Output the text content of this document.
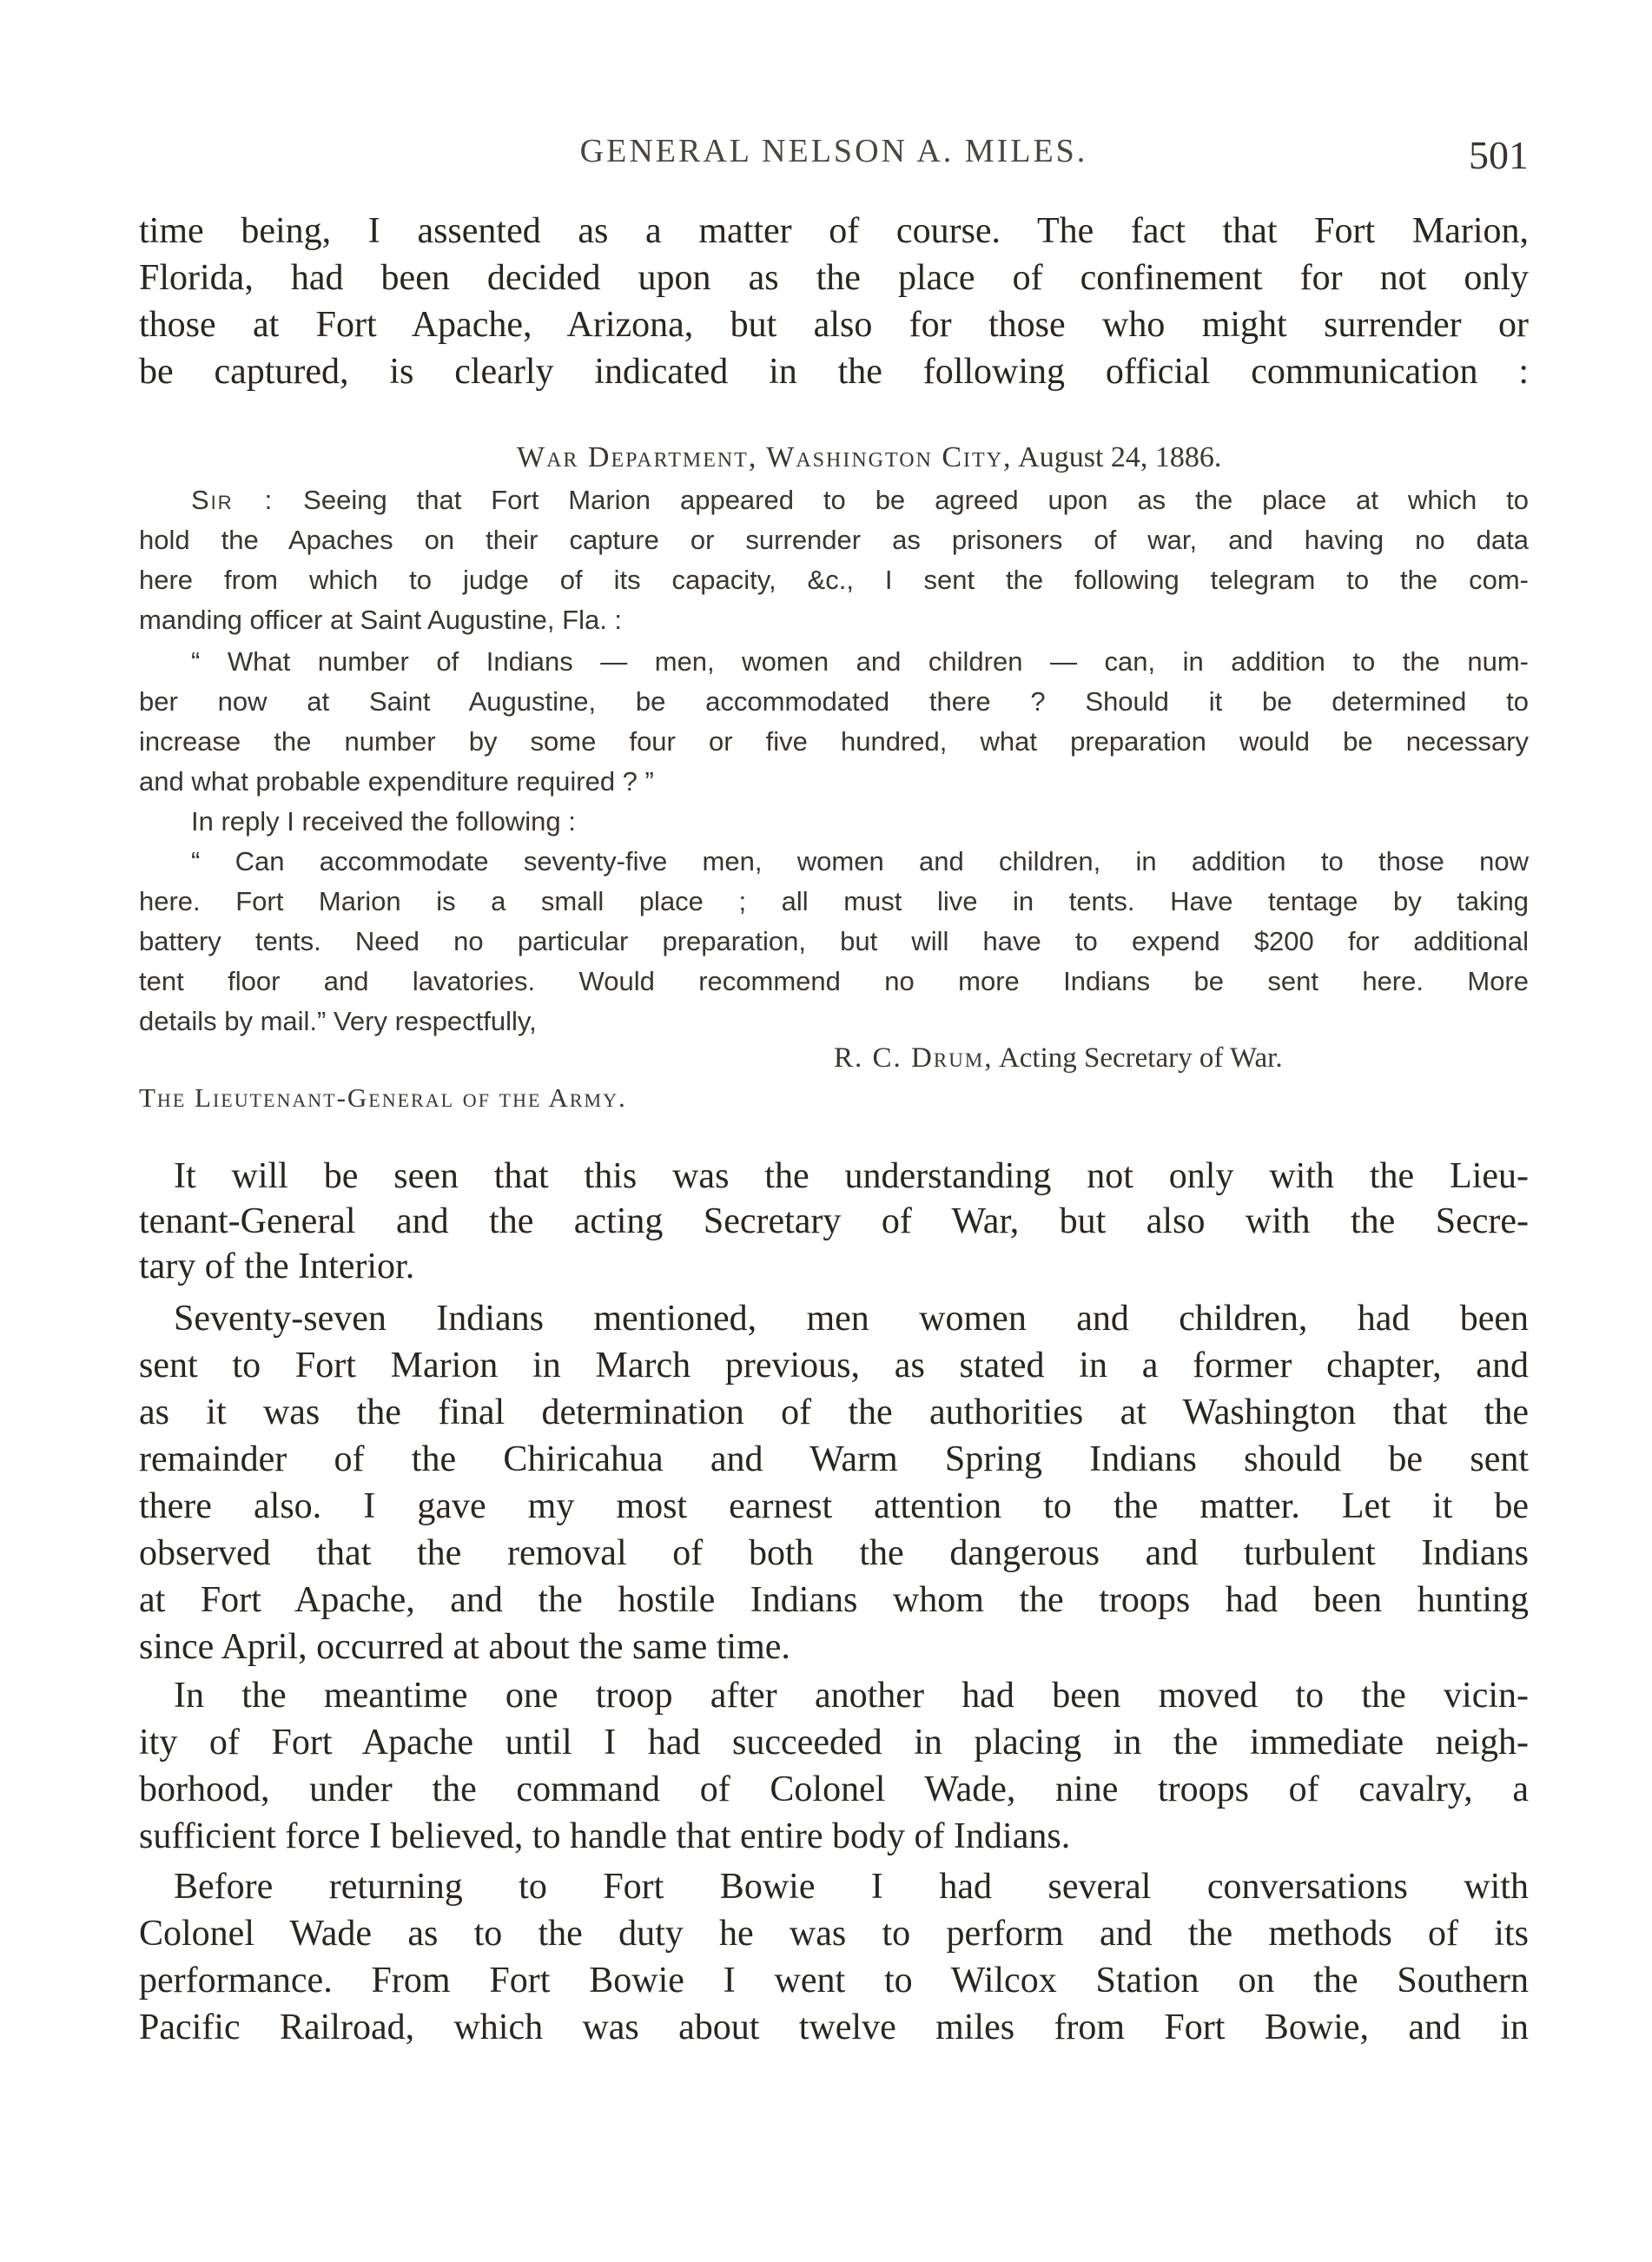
GENERAL NELSON A. MILES.	501
time being, I assented as a matter of course. The fact that Fort Marion,
Florida, had been decided upon as the place of confinement for not only
those at Fort Apache, Arizona, but also for those who might surrender or
be captured, is clearly indicated in the following official communication :
War Department, Washington City, August 24, 1886.
Sir : Seeing that Fort Marion appeared to be agreed upon as the place at which to
hold the Apaches on their capture or surrender as prisoners of war, and having no data
here from which to judge of its capacity, &c., I sent the following telegram to the com-
manding officer at Saint Augustine, Fla. :
“ What number of Indians — men, women and children — can, in addition to the num-
ber now at Saint Augustine, be accommodated there ? Should it be determined to
increase the number by some four or five hundred, what preparation would be necessary
and what probable expenditure required ? ”
In reply I received the following :
“ Can accommodate seventy-five men, women and children, in addition to those now
here. Fort Marion is a small place ; all must live in tents. Have tentage by taking
battery tents. Need no particular preparation, but will have to expend $200 for additional
tent floor and lavatories. Would recommend no more Indians be sent here. More
details by mail.” Very respectfully,
R. C. Drum, Acting Secretary of War.
The Lieutenant-General of the Army.
It will be seen that this was the understanding not only with the Lieu-
tenant-General and the acting Secretary of War, but also with the Secre-
tary of the Interior.
Seventy-seven Indians mentioned, men women and children, had been
sent to Fort Marion in March previous, as stated in a former chapter, and
as it was the final determination of the authorities at Washington that the
remainder of the Chiricahua and Warm Spring Indians should be sent
there also. I gave my most earnest attention to the matter. Let it be
observed that the removal of both the dangerous and turbulent Indians
at Fort Apache, and the hostile Indians whom the troops had been hunting
since April, occurred at about the same time.
In the meantime one troop after another had been moved to the vicin-
ity of Fort Apache until I had succeeded in placing in the immediate neigh-
borhood, under the command of Colonel Wade, nine troops of cavalry, a
sufficient force I believed, to handle that entire body of Indians.
Before returning to Fort Bowie I had several conversations with
Colonel Wade as to the duty he was to perform and the methods of its
performance. From Fort Bowie I went to Wilcox Station on the Southern
Pacific Railroad, which was about twelve miles from Fort Bowie, and in
